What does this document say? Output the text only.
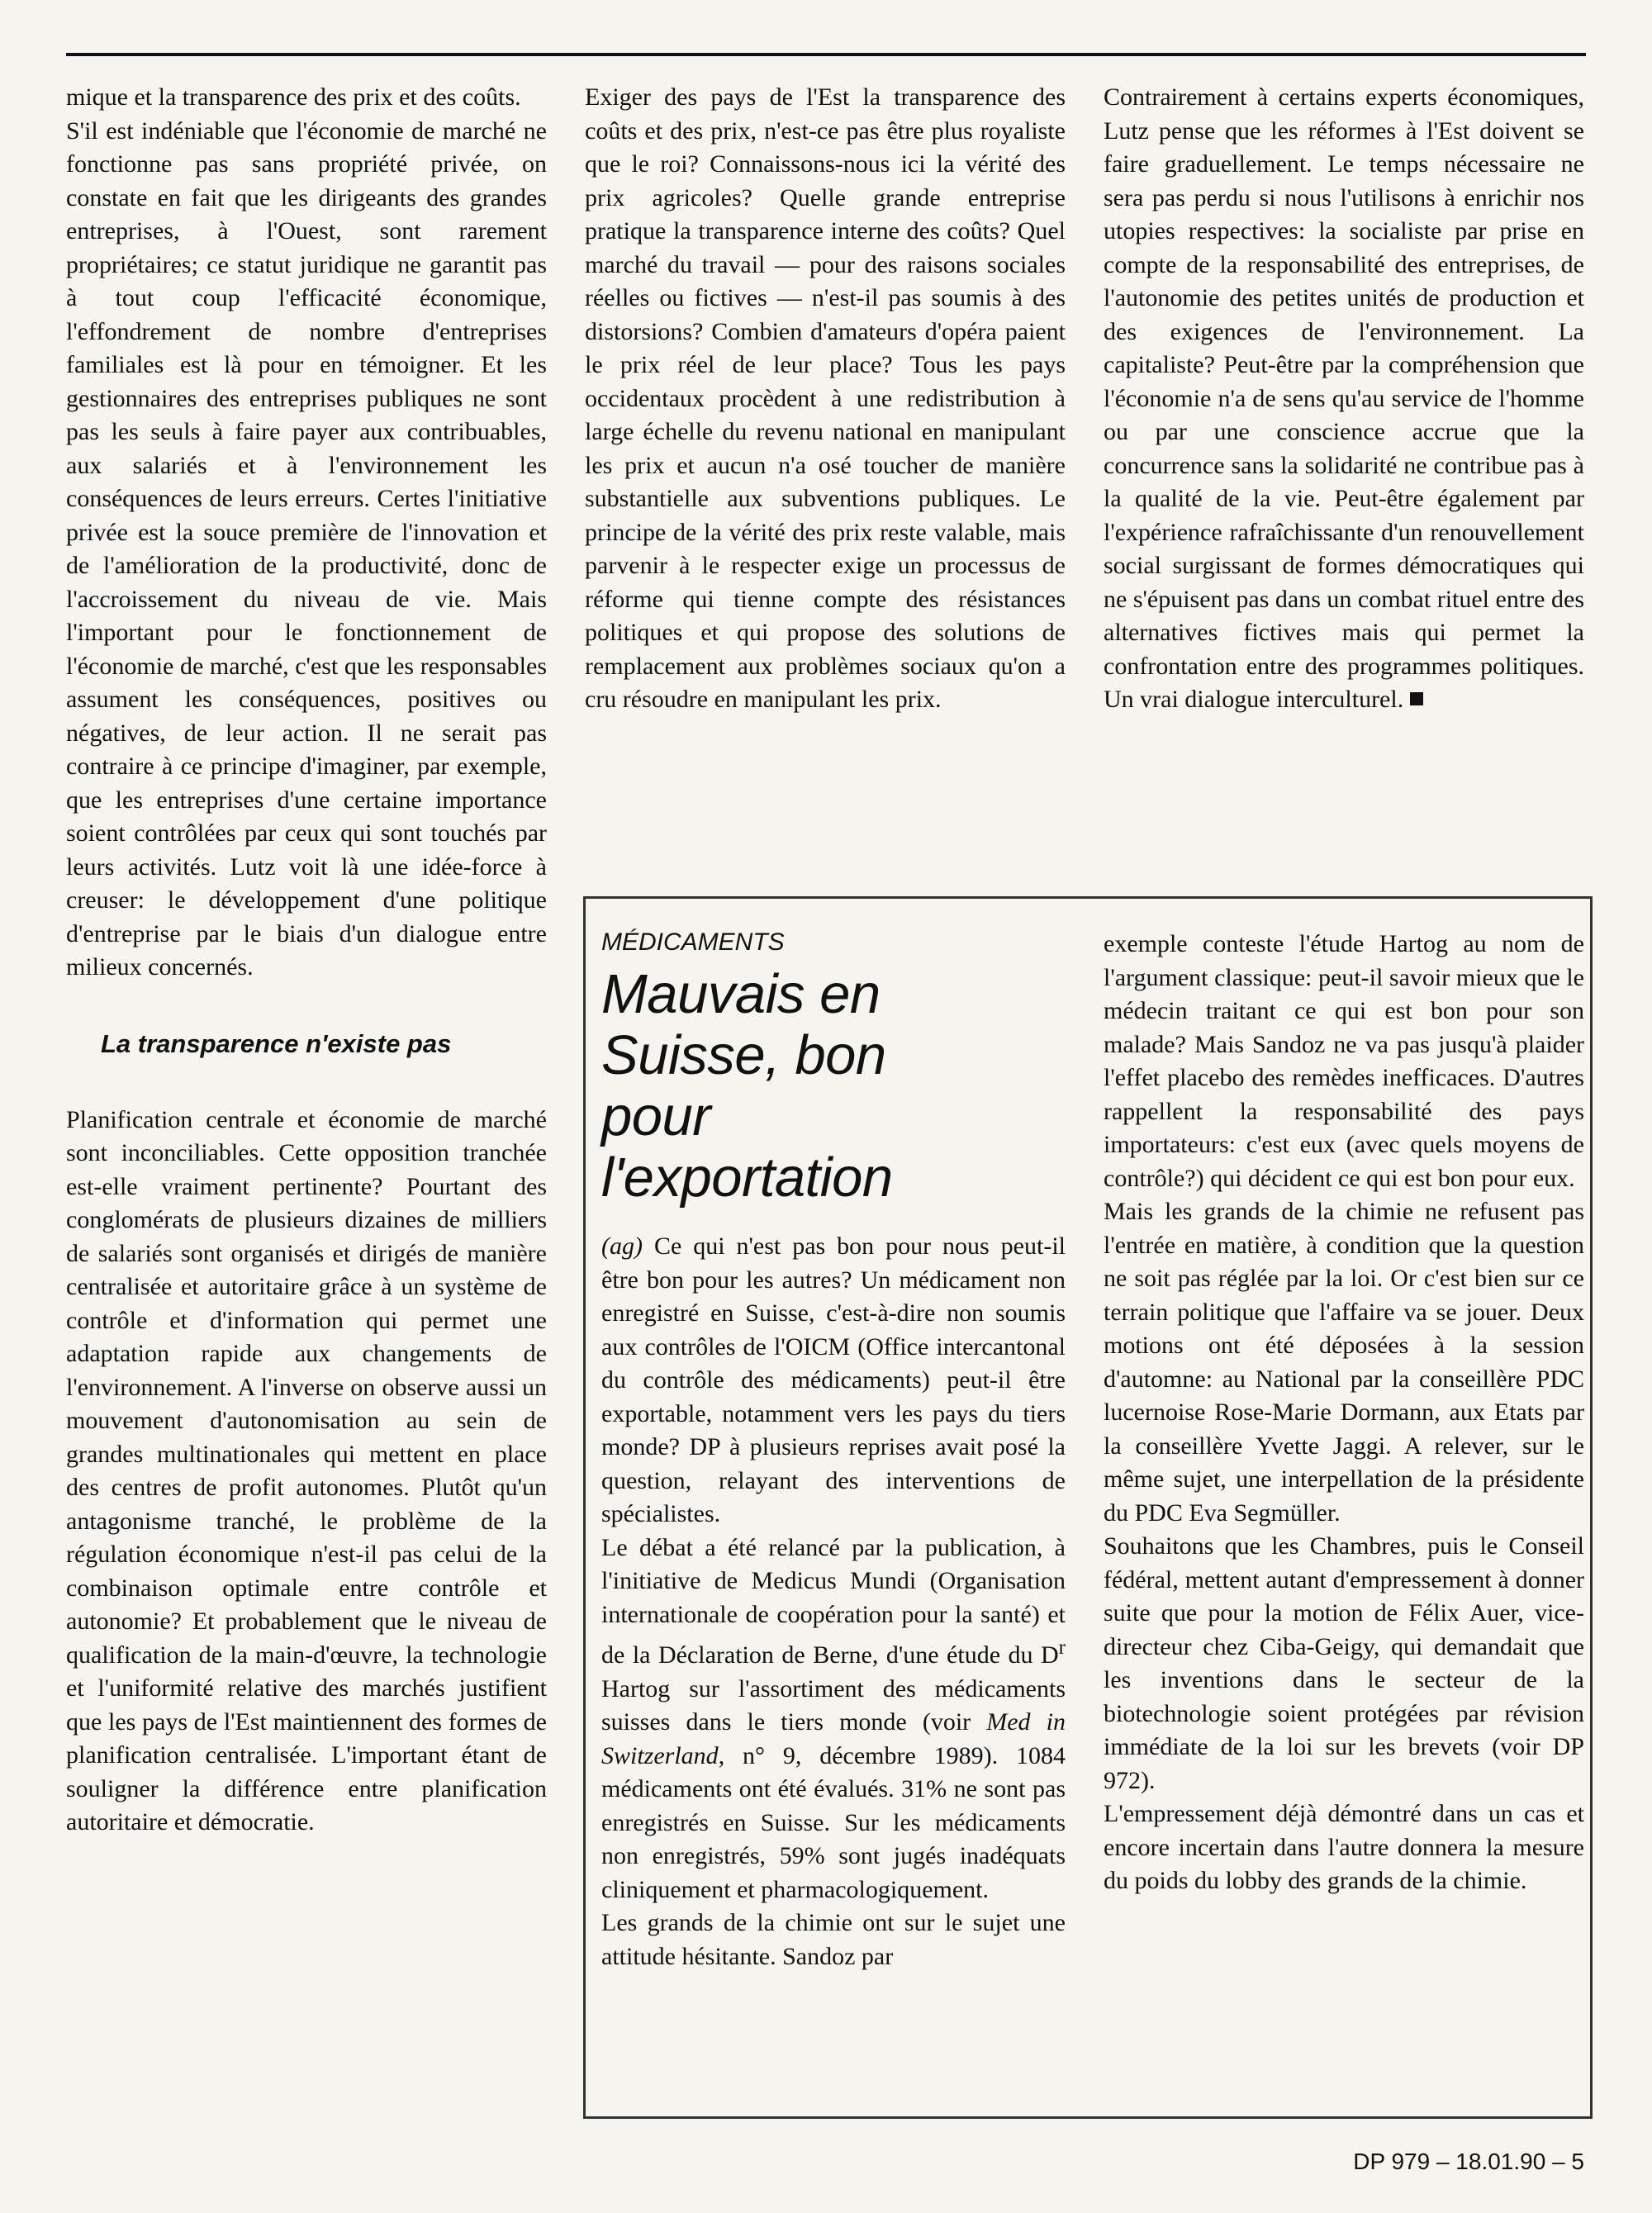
mique et la transparence des prix et des coûts.

S'il est indéniable que l'économie de marché ne fonctionne pas sans propriété privée, on constate en fait que les dirigeants des grandes entreprises, à l'Ouest, sont rarement propriétaires; ce statut juridique ne garantit pas à tout coup l'efficacité économique, l'effondrement de nombre d'entreprises familiales est là pour en témoigner. Et les gestionnaires des entreprises publiques ne sont pas les seuls à faire payer aux contribuables, aux salariés et à l'environnement les conséquences de leurs erreurs. Certes l'initiative privée est la souce première de l'innovation et de l'amélioration de la productivité, donc de l'accroissement du niveau de vie. Mais l'important pour le fonctionnement de l'économie de marché, c'est que les responsables assument les conséquences, positives ou négatives, de leur action. Il ne serait pas contraire à ce principe d'imaginer, par exemple, que les entreprises d'une certaine importance soient contrôlées par ceux qui sont touchés par leurs activités. Lutz voit là une idée-force à creuser: le développement d'une politique d'entreprise par le biais d'un dialogue entre milieux concernés.

La transparence n'existe pas

Planification centrale et économie de marché sont inconciliables. Cette opposition tranchée est-elle vraiment pertinente? Pourtant des conglomérats de plusieurs dizaines de milliers de salariés sont organisés et dirigés de manière centralisée et autoritaire grâce à un système de contrôle et d'information qui permet une adaptation rapide aux changements de l'environnement. A l'inverse on observe aussi un mouvement d'autonomisation au sein de grandes multinationales qui mettent en place des centres de profit autonomes. Plutôt qu'un antagonisme tranché, le problème de la régulation économique n'est-il pas celui de la combinaison optimale entre contrôle et autonomie? Et probablement que le niveau de qualification de la main-d'œuvre, la technologie et l'uniformité relative des marchés justifient que les pays de l'Est maintiennent des formes de planification centralisée. L'important étant de souligner la différence entre planification autoritaire et démocratie.

Exiger des pays de l'Est la transparence des coûts et des prix, n'est-ce pas être plus royaliste que le roi? Connaissons-nous ici la vérité des prix agricoles? Quelle grande entreprise pratique la transparence interne des coûts? Quel marché du travail — pour des raisons sociales réelles ou fictives — n'est-il pas soumis à des distorsions? Combien d'amateurs d'opéra paient le prix réel de leur place? Tous les pays occidentaux procèdent à une redistribution à large échelle du revenu national en manipulant les prix et aucun n'a osé toucher de manière substantielle aux subventions publiques. Le principe de la vérité des prix reste valable, mais parvenir à le respecter exige un processus de réforme qui tienne compte des résistances politiques et qui propose des solutions de remplacement aux problèmes sociaux qu'on a cru résoudre en manipulant les prix.

Contrairement à certains experts économiques, Lutz pense que les réformes à l'Est doivent se faire graduellement. Le temps nécessaire ne sera pas perdu si nous l'utilisons à enrichir nos utopies respectives: la socialiste par prise en compte de la responsabilité des entreprises, de l'autonomie des petites unités de production et des exigences de l'environnement. La capitaliste? Peut-être par la compréhension que l'économie n'a de sens qu'au service de l'homme ou par une conscience accrue que la concurrence sans la solidarité ne contribue pas à la qualité de la vie. Peut-être également par l'expérience rafraîchissante d'un renouvellement social surgissant de formes démocratiques qui ne s'épuisent pas dans un combat rituel entre des alternatives fictives mais qui permet la confrontation entre des programmes politiques. Un vrai dialogue interculturel.

MÉDICAMENTS

Mauvais en
Suisse, bon
pour
l'exportation

(ag) Ce qui n'est pas bon pour nous peut-il être bon pour les autres? Un médicament non enregistré en Suisse, c'est-à-dire non soumis aux contrôles de l'OICM (Office intercantonal du contrôle des médicaments) peut-il être exportable, notamment vers les pays du tiers monde? DP à plusieurs reprises avait posé la question, relayant des interventions de spécialistes.

Le débat a été relancé par la publication, à l'initiative de Medicus Mundi (Organisation internationale de coopération pour la santé) et de la Déclaration de Berne, d'une étude du $D^r$ Hartog sur l'assortiment des médicaments suisses dans le tiers monde (voir Med in Switzerland, n° 9, décembre 1989). 1084 médicaments ont été évalués. 31% ne sont pas enregistrés en Suisse. Sur les médicaments non enregistrés, 59% sont jugés inadéquats cliniquement et pharmacologiquement.

Les grands de la chimie ont sur le sujet une attitude hésitante. Sandoz par

exemple conteste l'étude Hartog au nom de l'argument classique: peut-il savoir mieux que le médecin traitant ce qui est bon pour son malade? Mais Sandoz ne va pas jusqu'à plaider l'effet placebo des remèdes inefficaces. D'autres rappellent la responsabilité des pays importateurs: c'est eux (avec quels moyens de contrôle?) qui décident ce qui est bon pour eux.

Mais les grands de la chimie ne refusent pas l'entrée en matière, à condition que la question ne soit pas réglée par la loi. Or c'est bien sur ce terrain politique que l'affaire va se jouer. Deux motions ont été déposées à la session d'automne: au National par la conseillère PDC lucernoise Rose-Marie Dormann, aux Etats par la conseillère Yvette Jaggi. A relever, sur le même sujet, une interpellation de la présidente du PDC Eva Segmüller.

Souhaitons que les Chambres, puis le Conseil fédéral, mettent autant d'empressement à donner suite que pour la motion de Félix Auer, vice-directeur chez Ciba-Geigy, qui demandait que les inventions dans le secteur de la biotechnologie soient protégées par révision immédiate de la loi sur les brevets (voir DP 972).

L'empressement déjà démontré dans un cas et encore incertain dans l'autre donnera la mesure du poids du lobby des grands de la chimie.

DP 979 – 18.01.90 – 5
